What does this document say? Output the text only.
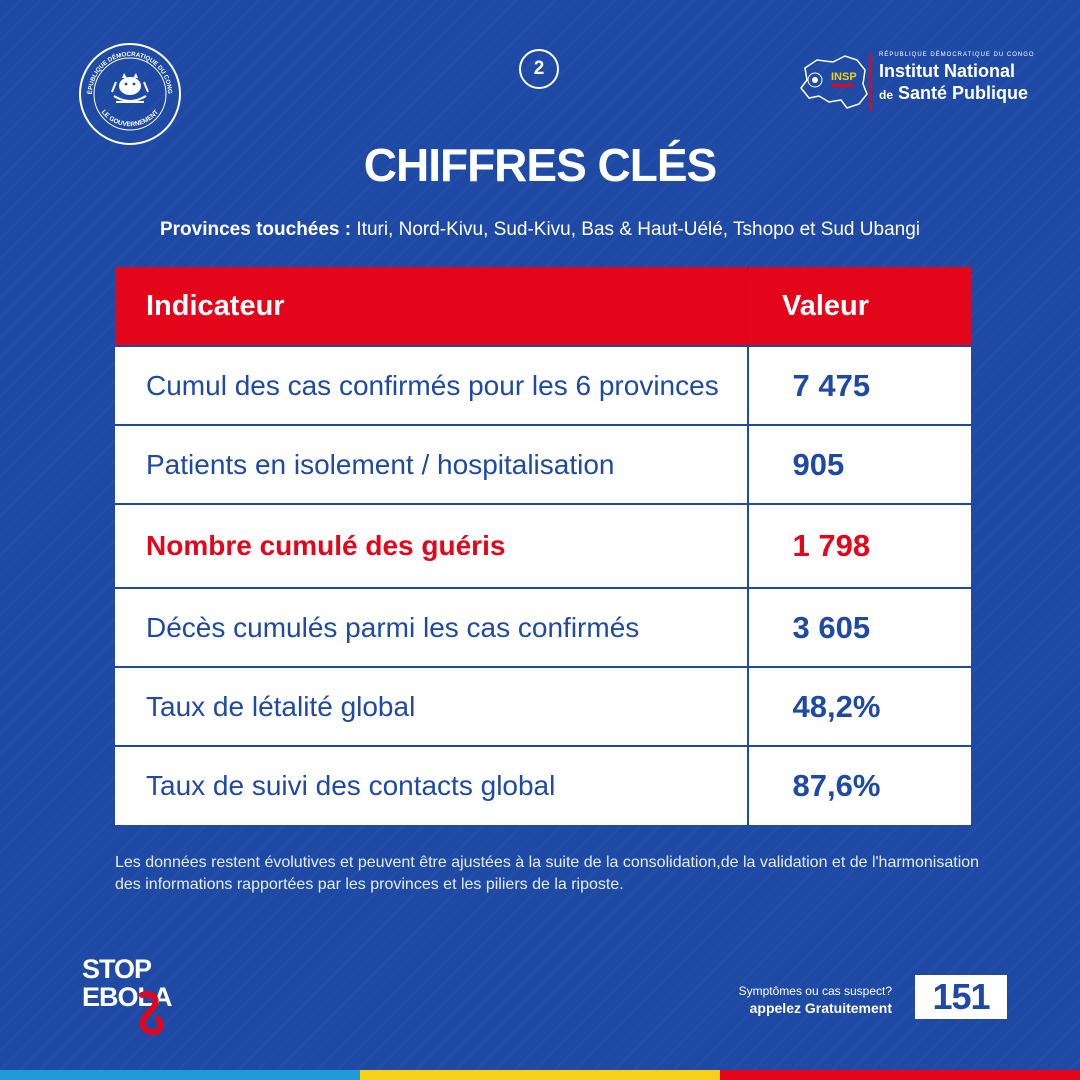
ÉPUBLIQUE DÉMOCRATIQUE DU CONG
LE GOUVERNEMENT
2	INSP
RÉPUBLIQUE DÉMOCRATIQUE DU CONGO
Institut National
de Santé Publique
CHIFFRES CLÉS
Provinces touchées : Ituri, Nord-Kivu, Sud-Kivu, Bas & Haut-Uélé, Tshopo et Sud Ubangi
Indicateur	Valeur
Cumul des cas confirmés pour les 6 provinces	7 475
Patients en isolement / hospitalisation	905
Nombre cumulé des guéris	1 798
Décès cumulés parmi les cas confirmés	3 605
Taux de létalité global	48,2%
Taux de suivi des contacts global	87,6%
Les données restent évolutives et peuvent être ajustées à la suite de la consolidation,de la validation et de l'harmonisation des informations rapportées par les provinces et les piliers de la riposte.
STOP
EBOLA	Symptômes ou cas suspect?
appelez Gratuitement	151
